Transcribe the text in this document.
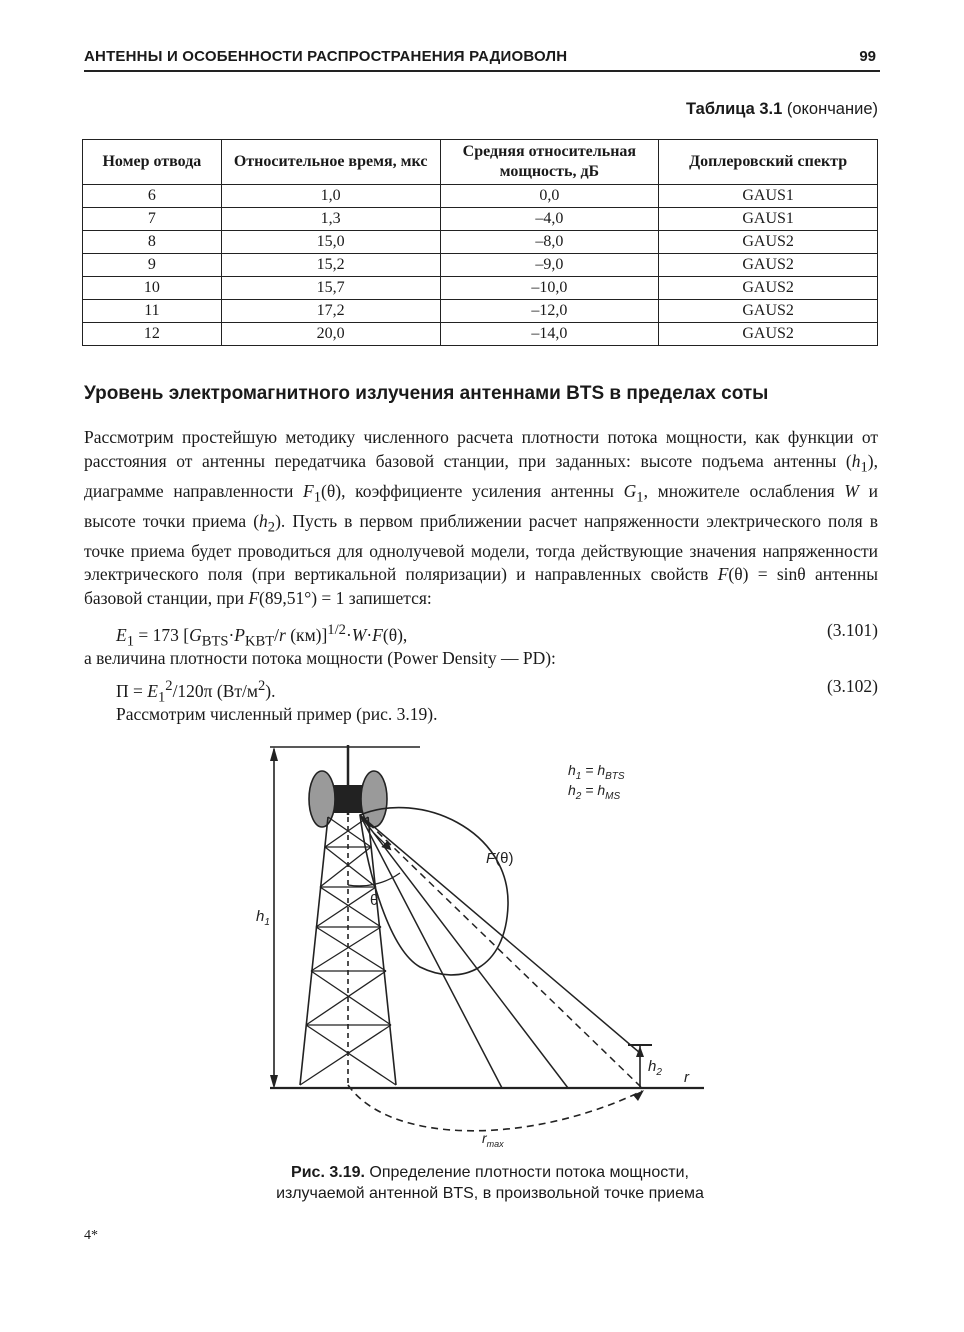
АНТЕННЫ И ОСОБЕННОСТИ РАСПРОСТРАНЕНИЯ РАДИОВОЛН	99
Таблица 3.1 (окончание)
Номер отвода	Относительное время, мкс	Средняя относительная мощность, дБ	Доплеровский спектр
6	1,0	0,0	GAUS1
7	1,3	–4,0	GAUS1
8	15,0	–8,0	GAUS2
9	15,2	–9,0	GAUS2
10	15,7	–10,0	GAUS2
11	17,2	–12,0	GAUS2
12	20,0	–14,0	GAUS2
Уровень электромагнитного излучения антеннами BTS в пределах соты
Рассмотрим простейшую методику численного расчета плотности потока мощности, как функции от расстояния от антенны передатчика базовой станции, при заданных: высоте подъема антенны $(h_1)$, диаграмме направленности $F_1(\theta)$, коэффициенте усиления антенны $G_1$, множителе ослабления W и высоте точки приема $(h_2)$. Пусть в первом приближении расчет напряженности электрического поля в точке приема будет проводиться для однолучевой модели, тогда действующие значения напряженности электрического поля (при вертикальной поляризации) и направленных свойств F(θ) = sinθ антенны базовой станции, при F(89,51°) = 1 запишется:
$E_1 = 173$ [$G_{BTS}\cdot P_{KBT}/r$ (км)]$^{1/2}$·W·F(θ),	(3.101)
а величина плотности потока мощности (Power Density — PD):
$П = E_1^2/120\pi$ $(Вт/м^2)$.	(3.102)
Рассмотрим численный пример (рис. 3.19).
$h_1 = h_{BTS}$
$h_2 = h_{MS}$
F(θ)
θ
$h_1$
$h_2$ r
$r_{max}$
Рис. 3.19. Определение плотности потока мощности,
излучаемой антенной BTS, в произвольной точке приема
4*
